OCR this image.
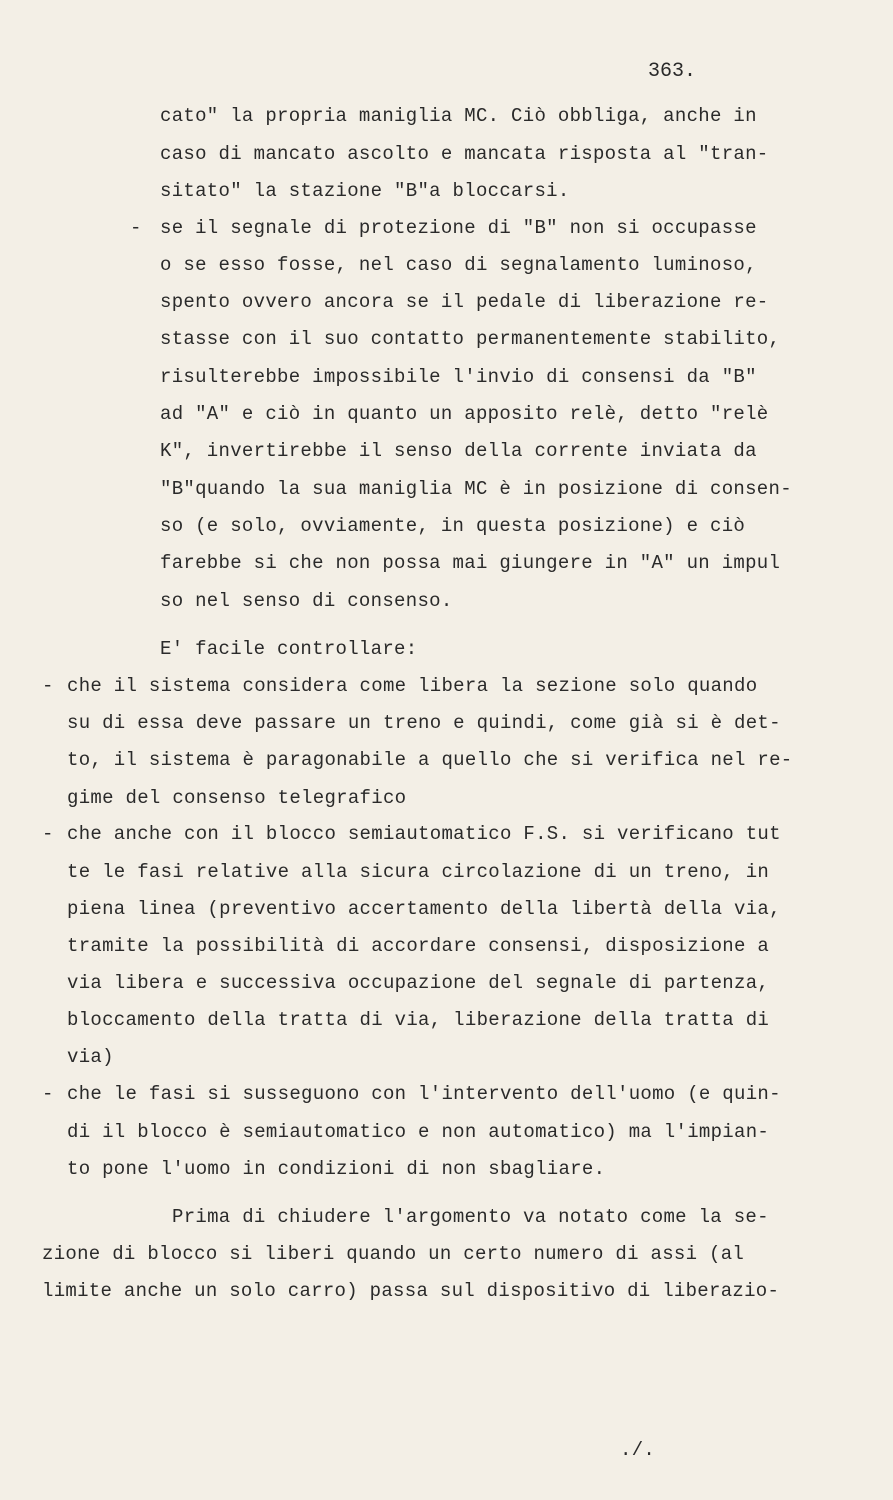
363.
cato" la propria maniglia MC. Ciò obbliga, anche in
caso di mancato ascolto e mancata risposta al "tran-
sitato" la stazione "B"a bloccarsi.
- se il segnale di protezione di "B" non si occupasse
o se esso fosse, nel caso di segnalamento luminoso,
spento ovvero ancora se il pedale di liberazione re-
stasse con il suo contatto permanentemente stabilito,
risulterebbe impossibile l'invio di consensi da "B"
ad "A" e ciò in quanto un apposito relè, detto "relè
K", invertirebbe il senso della corrente inviata da
"B"quando la sua maniglia MC è in posizione di consen-
so (e solo, ovviamente, in questa posizione) e ciò
farebbe si che non possa mai giungere in "A" un impul
so nel senso di consenso.
E' facile controllare:
- che il sistema considera come libera la sezione solo quando
su di essa deve passare un treno e quindi, come già si è det-
to, il sistema è paragonabile a quello che si verifica nel re-
gime del consenso telegrafico
- che anche con il blocco semiautomatico F.S. si verificano tut
te le fasi relative alla sicura circolazione di un treno, in
piena linea (preventivo accertamento della libertà della via,
tramite la possibilità di accordare consensi, disposizione a
via libera e successiva occupazione del segnale di partenza,
bloccamento della tratta di via, liberazione della tratta di
via)
- che le fasi si susseguono con l'intervento dell'uomo (e quin-
di il blocco è semiautomatico e non automatico) ma l'impian-
to pone l'uomo in condizioni di non sbagliare.
Prima di chiudere l'argomento va notato come la se-
zione di blocco si liberi quando un certo numero di assi (al
limite anche un solo carro) passa sul dispositivo di liberazio-
./.
